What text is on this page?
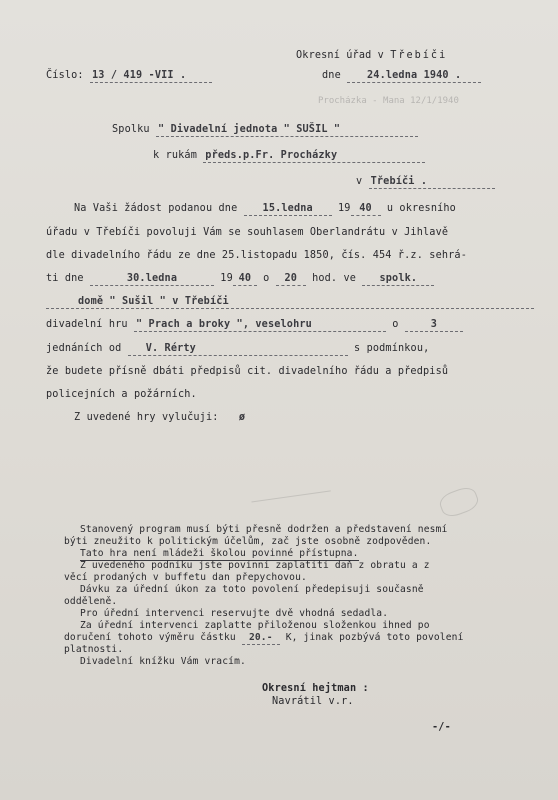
Procházka - Mana 12/1/1940
Okresní úřad v Třebíči
Číslo: 13 / 419 -VII .	dne	24.ledna 1940 .
Spolku " Divadelní jednota " SUŠIL "
k rukám předs.p.Fr. Procházky
v Třebíči .
Na Vaši žádost podanou dne 15.ledna 19 40 u okresního
úřadu v Třebíči povoluji Vám se souhlasem Oberlandrátu v Jihlavě
dle divadelního řádu ze dne 25.listopadu 1850, čís. 454 ř.z. sehrá-
ti dne	30.ledna	19 40 o 20 hod. ve spolk.
domě " Sušil " v Třebíči
divadelní hru " Prach a broky ", veselohru	o	3
jednáních od V. Rérty	s podmínkou,
že budete přísně dbáti předpisů cit. divadelního řádu a předpisů
policejních a požárních.
Z uvedené hry vylučuji: ø
Stanovený program musí býti přesně dodržen a představení nesmí
býti zneužito k politickým účelům, zač jste osobně zodpověden.
Tato hra není mládeži školou povinné přístupna.
Z uvedeného podniku jste povinni zaplatiti daň z obratu a z
věcí prodaných v buffetu dan přepychovou.
Dávku za úřední úkon za toto povolení předepisuji současně
odděleně.
Pro úřední intervenci reservujte dvě vhodná sedadla.
Za úřední intervenci zaplatte přiloženou složenkou ihned po
doručení tohoto výměru částku 20.- K, jinak pozbývá toto povolení
platnosti.
Divadelní knížku Vám vracím.
Okresní hejtman :
Navrátil v.r.
-/-
